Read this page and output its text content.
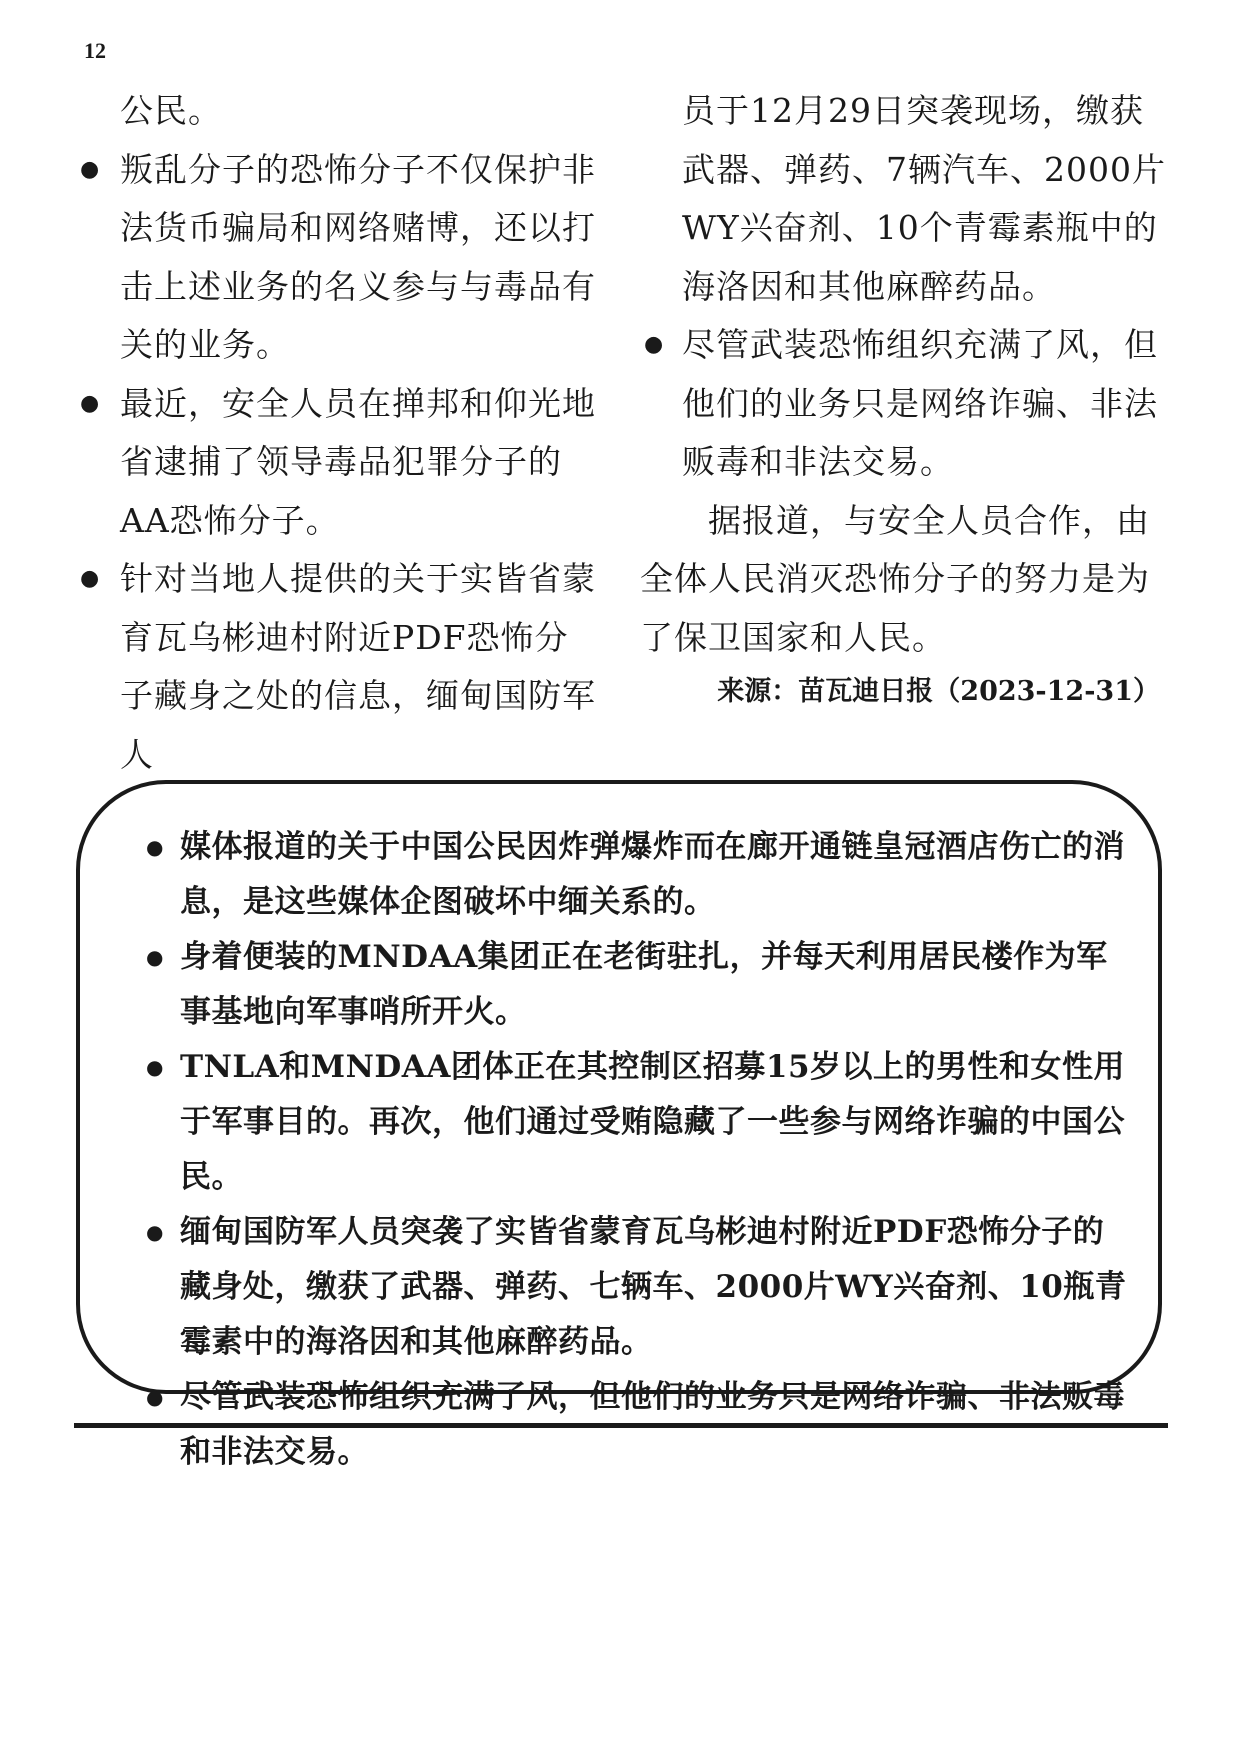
12
公民。
● 叛乱分子的恐怖分子不仅保护非法货币骗局和网络赌博，还以打击上述业务的名义参与与毒品有关的业务。
● 最近，安全人员在掸邦和仰光地省逮捕了领导毒品犯罪分子的AA恐怖分子。
● 针对当地人提供的关于实皆省蒙育瓦乌彬迪村附近PDF恐怖分子藏身之处的信息，缅甸国防军人
员于12月29日突袭现场，缴获武器、弹药、7辆汽车、2000片WY兴奋剂、10个青霉素瓶中的海洛因和其他麻醉药品。
● 尽管武装恐怖组织充满了风，但他们的业务只是网络诈骗、非法贩毒和非法交易。

据报道，与安全人员合作，由全体人民消灭恐怖分子的努力是为了保卫国家和人民。

来源：苗瓦迪日报（2023-12-31）
● 媒体报道的关于中国公民因炸弹爆炸而在廊开通链皇冠酒店伤亡的消息，是这些媒体企图破坏中缅关系的。
● 身着便装的MNDAA集团正在老街驻扎，并每天利用居民楼作为军事基地向军事哨所开火。
● TNLA和MNDAA团体正在其控制区招募15岁以上的男性和女性用于军事目的。再次，他们通过受贿隐藏了一些参与网络诈骗的中国公民。
● 缅甸国防军人员突袭了实皆省蒙育瓦乌彬迪村附近PDF恐怖分子的藏身处，缴获了武器、弹药、七辆车、2000片WY兴奋剂、10瓶青霉素中的海洛因和其他麻醉药品。
● 尽管武装恐怖组织充满了风，但他们的业务只是网络诈骗、非法贩毒和非法交易。
